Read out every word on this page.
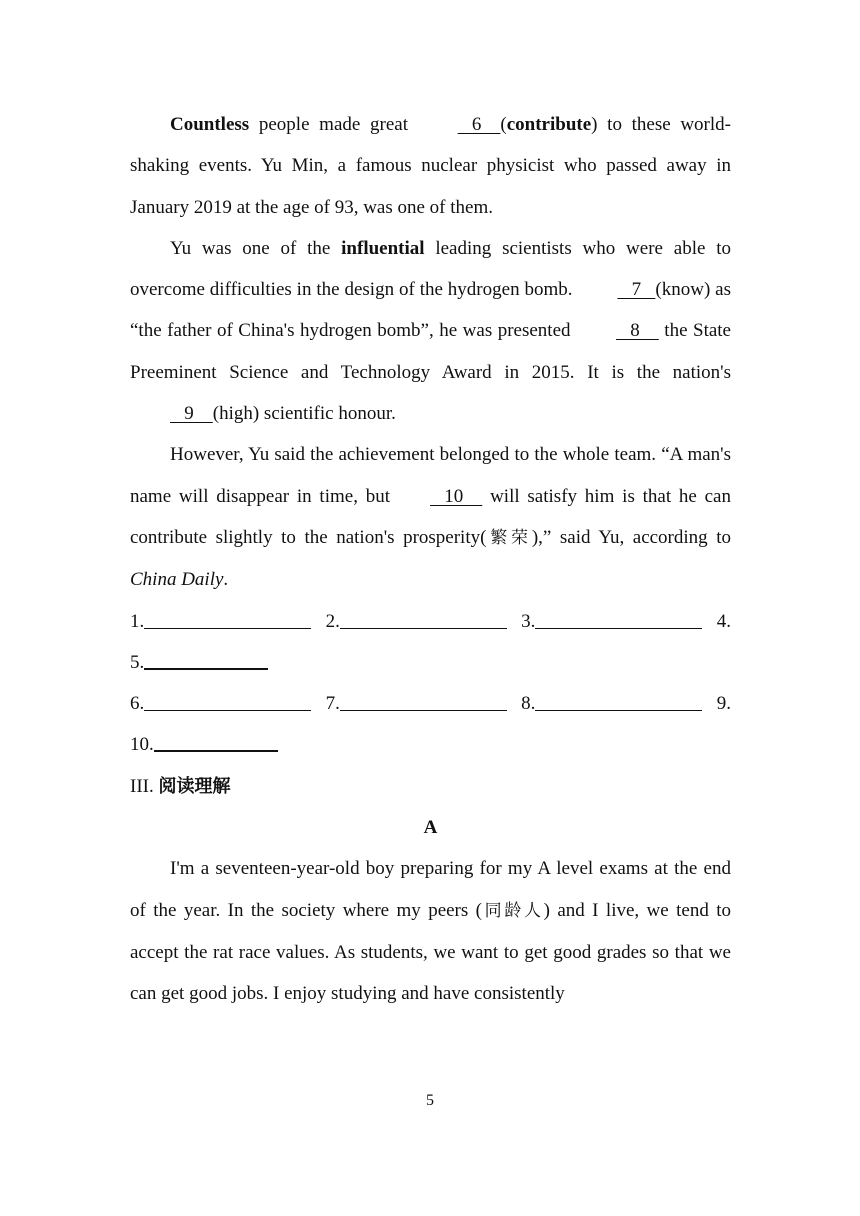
Countless people made great    6    (contribute) to these world-shaking events. Yu Min, a famous nuclear physicist who passed away in January 2019 at the age of 93, was one of them.

Yu was one of the influential leading scientists who were able to overcome difficulties in the design of the hydrogen bomb.    7   (know) as “the father of China's hydrogen bomb”, he was presented    8     the State Preeminent Science and Technology Award in 2015. It is the nation's    9    (high) scientific honour.

However, Yu said the achievement belonged to the whole team. “A man's name will disappear in time, but   10     will satisfy him is that he can contribute slightly to the nation's prosperity(繁荣),” said Yu, according to China Daily.

1.	2.	3.	4.
5.
6.	7.	8.	9.
10.

III. 阅读理解

A

I'm a seventeen-year-old boy preparing for my A level exams at the end of the year. In the society where my peers (同龄人) and I live, we tend to accept the rat race values. As students, we want to get good grades so that we can get good jobs. I enjoy studying and have consistently

5
